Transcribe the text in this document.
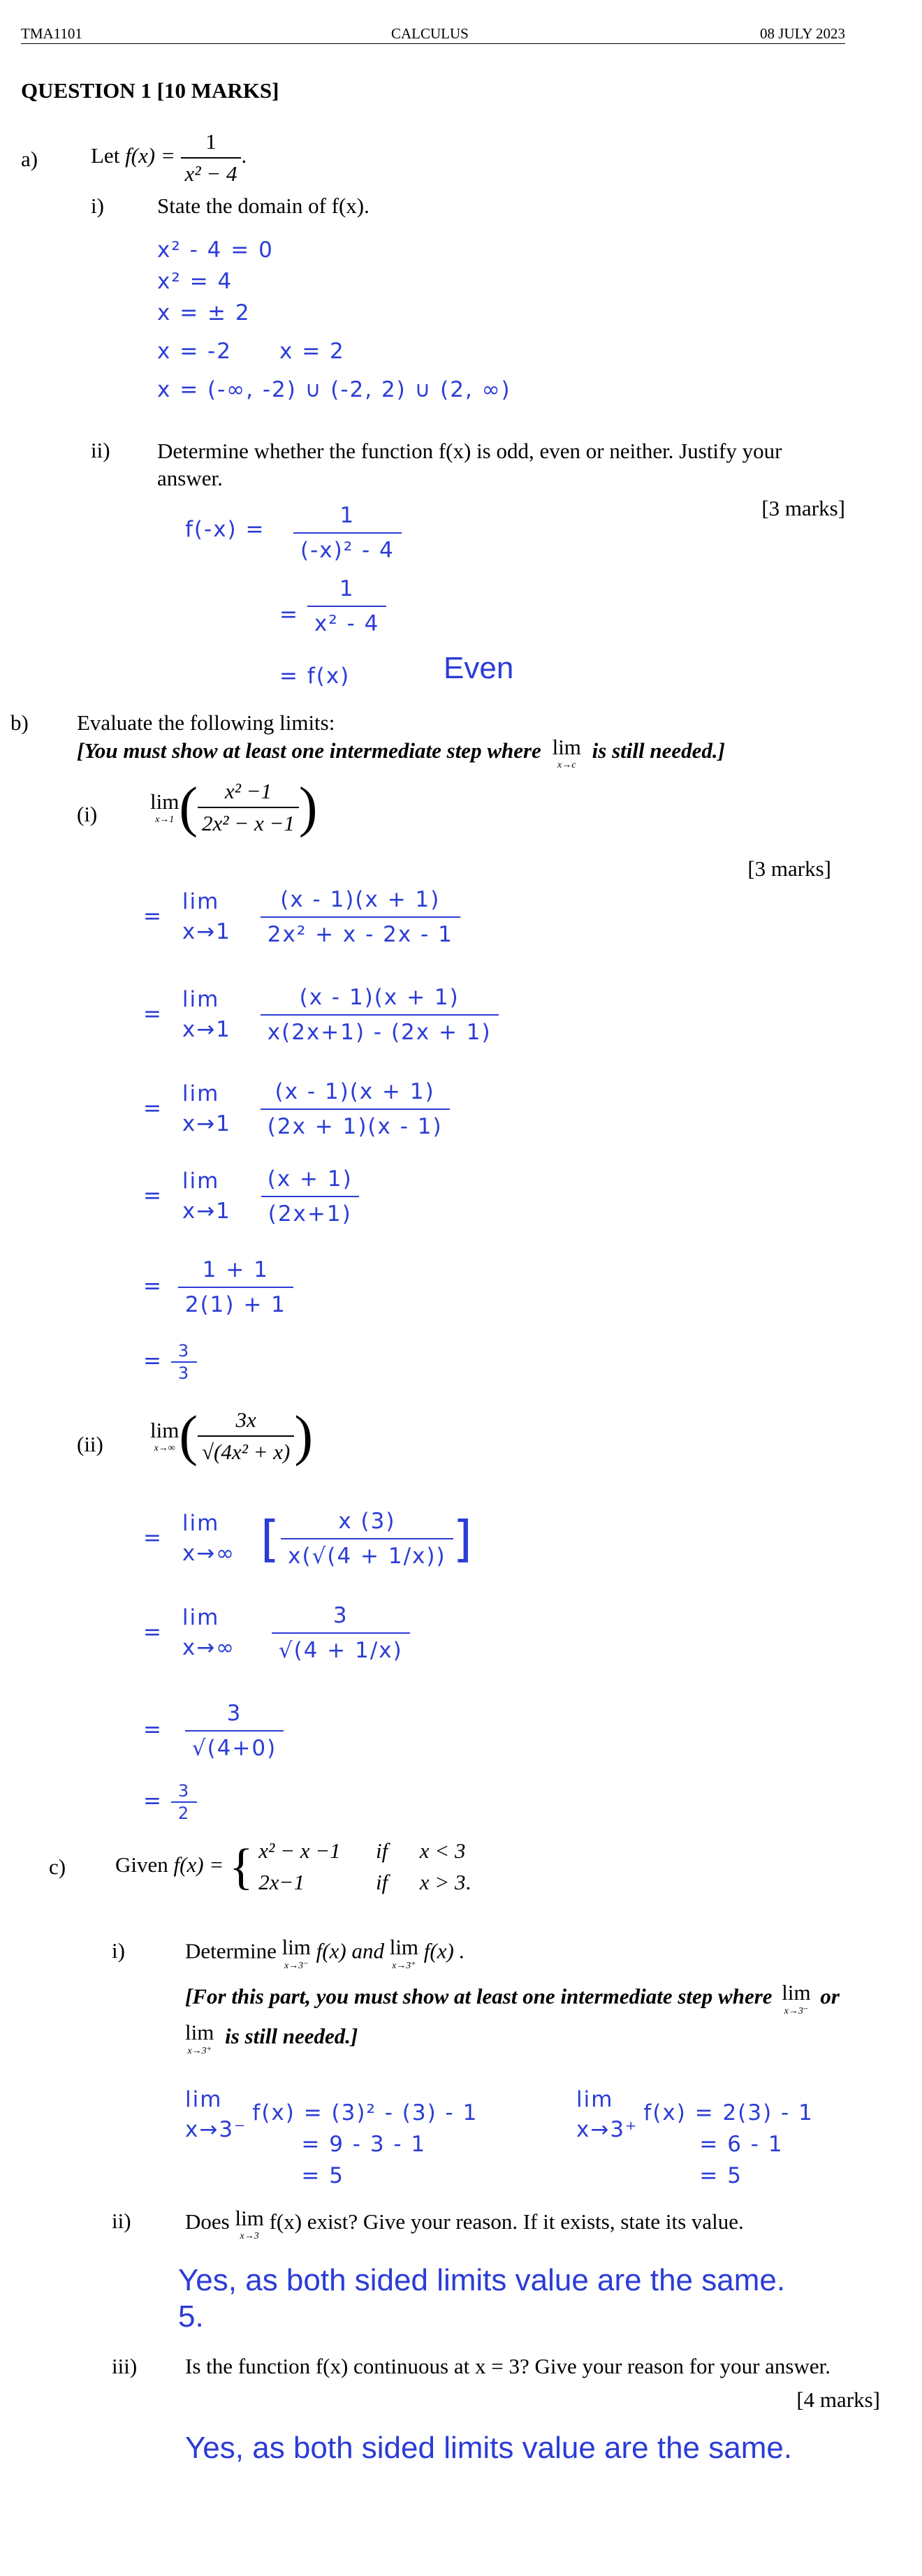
TMA1101	CALCULUS	08 JULY 2023
QUESTION 1 [10 MARKS]
a) Let $f(x) = \frac{1}{\text{x² − 4}}$ .
i) State the domain of f(x).
x² - 4 = 0
x² = 4
x = ± 2
x = -2 x = 2
x = (-∞, -2) ∪ (-2, 2) ∪ (2, ∞)
ii) Determine whether the function f(x) is odd, even or neither. Justify your answer.
[3 marks]
$f(-x) = \frac{1}{\text{(-x)² - 4}}$
= $\frac{1}{\text{x² - 4}}$
= f(x)	Even
b) Evaluate the following limits:
[You must show at least one intermediate step where lim
x→c
is still needed.]
(i)
lim
x→1 ( $\frac{\text{x² −1}}{\text{2x² − x −1}}$ )
[3 marks]
=
lim
x→1
$\frac{(x - 1)(x + 1)}{\text{2x² + x - 2x - 1}}$
=
lim
x→1
$\frac{(x - 1)(x + 1)}{x(2x+1) - (2x + 1)}$
=
lim
x→1
$\frac{(x - 1)(x + 1)}{(2x + 1)(x - 1)}$
=
lim
x→1
$\frac{(x + 1)}{(2x+1)}$
= $\frac{1 + 1}{2(1) + 1}$
= $\frac{3}{3}$
(ii)
lim
x→∞ ( $\frac{3x}{\text{√(4x² + x)}}$ )
=
lim
x→∞ [ $\frac{x (3)}{x(√(4 + 1/x))}$ ]
=
lim
x→∞
$\frac{3}{√(4 + 1/x)}$
= $\frac{3}{√(4+0)}$
= $\frac{3}{2}$
c) Given f(x) = { x² − x −1 if x < 3
2x−1	if x > 3.
i)	Determine lim
x→3⁻
f(x) and lim
x→3⁺
f(x) .
[For this part, you must show at least one intermediate step where lim
x→3⁻
or
lim
x→3⁺
is still needed.]
lim
x→3⁻
f(x) = (3)² - (3) - 1
= 9 - 3 - 1
= 5
lim
x→3⁺
f(x) = 2(3) - 1
= 6 - 1
= 5
ii) Does lim
x→3
f(x) exist? Give your reason. If it exists, state its value.
Yes, as both sided limits value are the same.
5.
iii) Is the function f(x) continuous at x = 3? Give your reason for your answer.
[4 marks]
Yes, as both sided limits value are the same.
